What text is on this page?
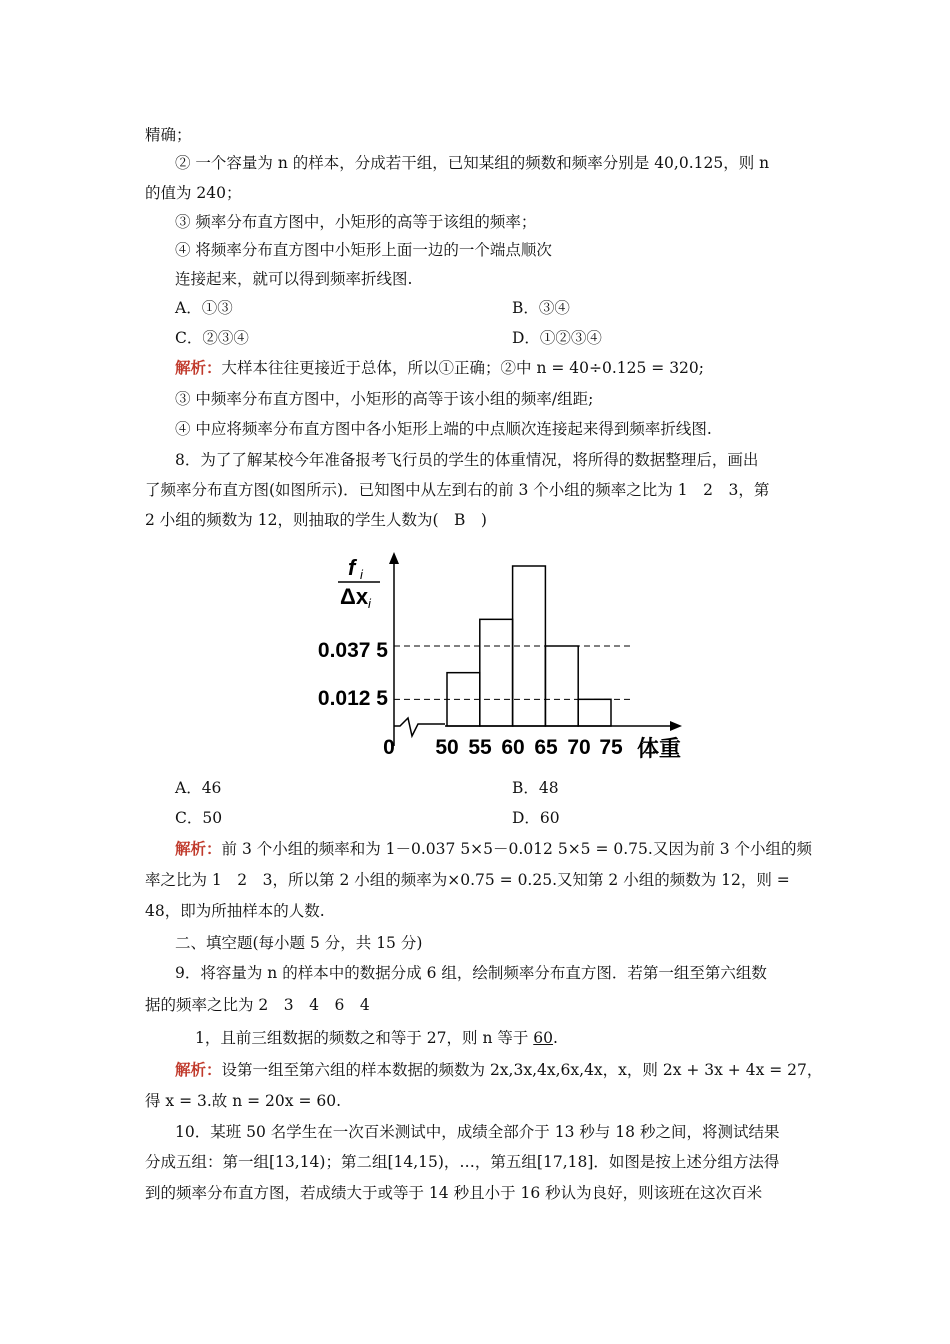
精确；
② 一个容量为 n 的样本，分成若干组，已知某组的频数和频率分别是 40,0.125，则 n
的值为 240；
③ 频率分布直方图中，小矩形的高等于该组的频率；
④ 将频率分布直方图中小矩形上面一边的一个端点顺次
连接起来，就可以得到频率折线图.
A．①③	B．③④
C．②③④	D．①②③④
解析：大样本往往更接近于总体，所以①正确；②中 n = 40÷0.125 = 320;
③ 中频率分布直方图中，小矩形的高等于该小组的频率/组距;
④ 中应将频率分布直方图中各小矩形上端的中点顺次连接起来得到频率折线图.
8．为了了解某校今年准备报考飞行员的学生的体重情况，将所得的数据整理后，画出
了频率分布直方图(如图所示)．已知图中从左到右的前 3 个小组的频率之比为 1　2　3，第
2 小组的频数为 12，则抽取的学生人数为(　B　)
f i
Δx i
0.037 5
0.012 5
0 50 55 60 65 70 75 体重
A．46	B．48
C．50	D．60
解析：前 3 个小组的频率和为 1－0.037 5×5－0.012 5×5 = 0.75.又因为前 3 个小组的频
率之比为 1　2　3，所以第 2 小组的频率为×0.75 = 0.25.又知第 2 小组的频数为 12，则 =
48，即为所抽样本的人数.
二、填空题(每小题 5 分，共 15 分)
9．将容量为 n 的样本中的数据分成 6 组，绘制频率分布直方图．若第一组至第六组数
据的频率之比为 2　3　4　6　4
1，且前三组数据的频数之和等于 27，则 n 等于 60.
解析：设第一组至第六组的样本数据的频数为 2x,3x,4x,6x,4x，x，则 2x + 3x + 4x = 27，
得 x = 3.故 n = 20x = 60.
10．某班 50 名学生在一次百米测试中，成绩全部介于 13 秒与 18 秒之间，将测试结果
分成五组：第一组[13,14)；第二组[14,15)，…，第五组[17,18]．如图是按上述分组方法得
到的频率分布直方图，若成绩大于或等于 14 秒且小于 16 秒认为良好，则该班在这次百米
